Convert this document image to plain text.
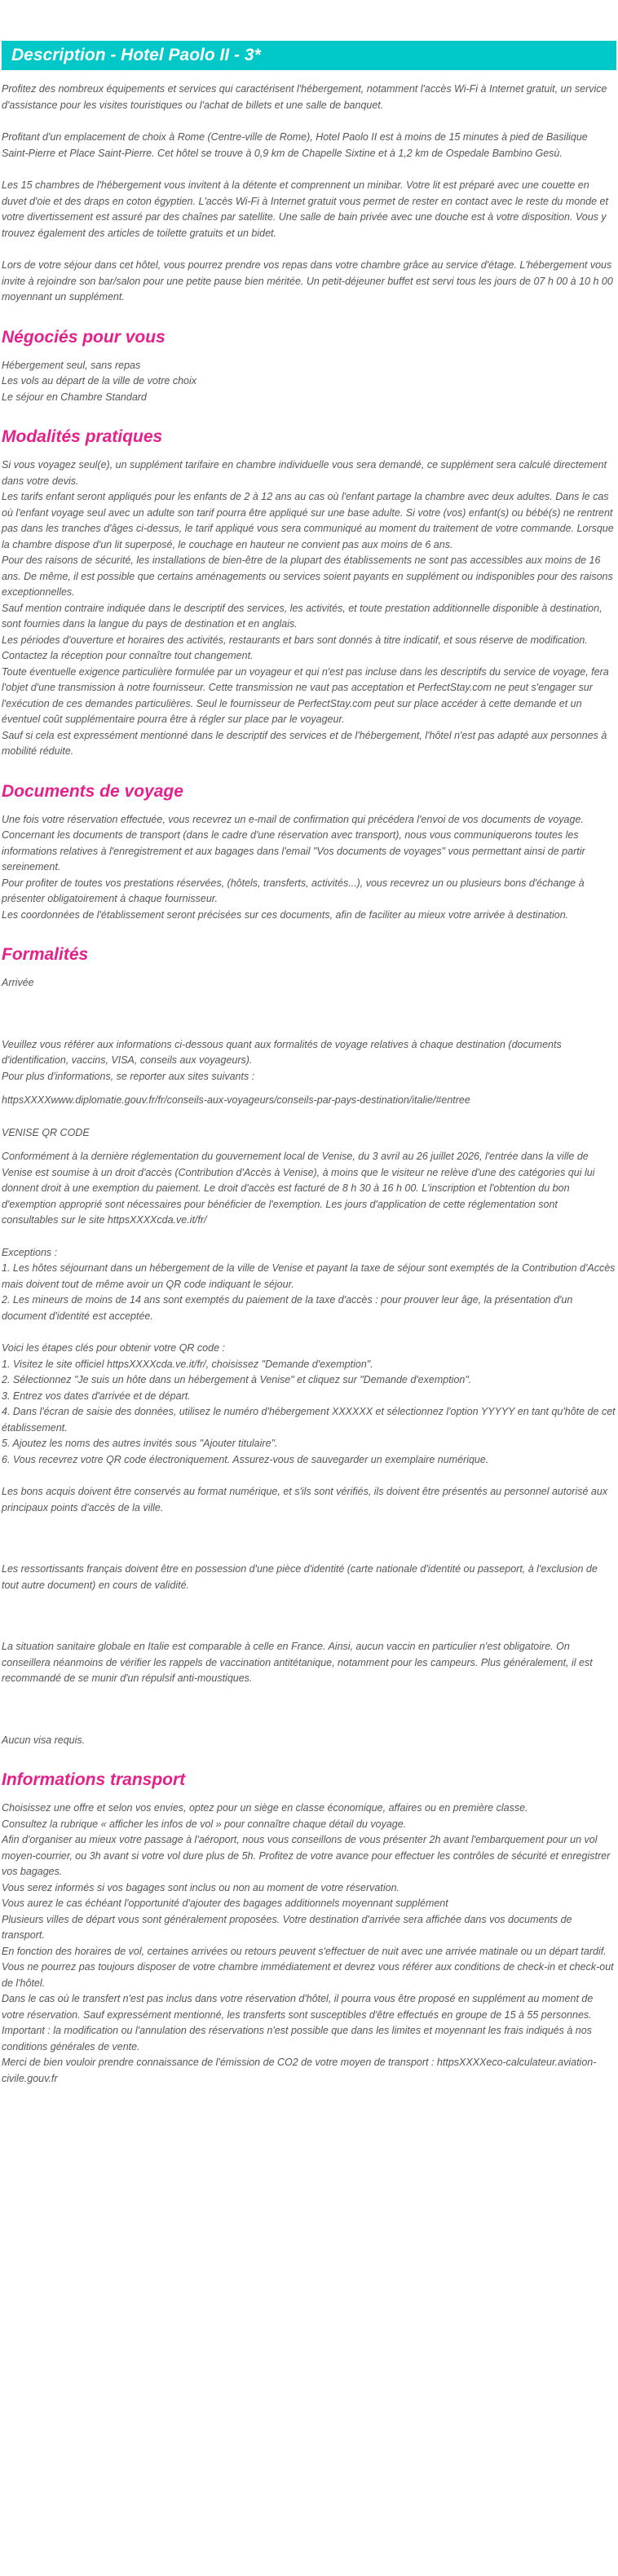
Description - Hotel Paolo II - 3*

Profitez des nombreux équipements et services qui caractérisent l'hébergement, notamment l'accès Wi-Fi à Internet gratuit, un service d'assistance pour les visites touristiques ou l'achat de billets et une salle de banquet.

Profitant d'un emplacement de choix à Rome (Centre-ville de Rome), Hotel Paolo II est à moins de 15 minutes à pied de Basilique Saint-Pierre et Place Saint-Pierre. Cet hôtel se trouve à 0,9 km de Chapelle Sixtine et à 1,2 km de Ospedale Bambino Gesù.

Les 15 chambres de l'hébergement vous invitent à la détente et comprennent un minibar. Votre lit est préparé avec une couette en duvet d'oie et des draps en coton égyptien. L'accès Wi-Fi à Internet gratuit vous permet de rester en contact avec le reste du monde et votre divertissement est assuré par des chaînes par satellite. Une salle de bain privée avec une douche est à votre disposition. Vous y trouvez également des articles de toilette gratuits et un bidet.

Lors de votre séjour dans cet hôtel, vous pourrez prendre vos repas dans votre chambre grâce au service d'étage. L'hébergement vous invite à rejoindre son bar/salon pour une petite pause bien méritée. Un petit-déjeuner buffet est servi tous les jours de 07 h 00 à 10 h 00 moyennant un supplément.

Négociés pour vous

Hébergement seul, sans repas
Les vols au départ de la ville de votre choix
Le séjour en Chambre Standard

Modalités pratiques

Si vous voyagez seul(e), un supplément tarifaire en chambre individuelle vous sera demandé, ce supplément sera calculé directement dans votre devis.
Les tarifs enfant seront appliqués pour les enfants de 2 à 12 ans au cas où l'enfant partage la chambre avec deux adultes. Dans le cas où l'enfant voyage seul avec un adulte son tarif pourra être appliqué sur une base adulte. Si votre (vos) enfant(s) ou bébé(s) ne rentrent pas dans les tranches d'âges ci-dessus, le tarif appliqué vous sera communiqué au moment du traitement de votre commande. Lorsque la chambre dispose d'un lit superposé, le couchage en hauteur ne convient pas aux moins de 6 ans.
Pour des raisons de sécurité, les installations de bien-être de la plupart des établissements ne sont pas accessibles aux moins de 16 ans. De même, il est possible que certains aménagements ou services soient payants en supplément ou indisponibles pour des raisons exceptionnelles.
Sauf mention contraire indiquée dans le descriptif des services, les activités, et toute prestation additionnelle disponible à destination, sont fournies dans la langue du pays de destination et en anglais.
Les périodes d'ouverture et horaires des activités, restaurants et bars sont donnés à titre indicatif, et sous réserve de modification. Contactez la réception pour connaître tout changement.
Toute éventuelle exigence particulière formulée par un voyageur et qui n'est pas incluse dans les descriptifs du service de voyage, fera l'objet d'une transmission à notre fournisseur. Cette transmission ne vaut pas acceptation et PerfectStay.com ne peut s'engager sur l'exécution de ces demandes particulières. Seul le fournisseur de PerfectStay.com peut sur place accéder à cette demande et un éventuel coût supplémentaire pourra être à régler sur place par le voyageur.
Sauf si cela est expressément mentionné dans le descriptif des services et de l'hébergement, l'hôtel n'est pas adapté aux personnes à mobilité réduite.

Documents de voyage

Une fois votre réservation effectuée, vous recevrez un e-mail de confirmation qui précédera l'envoi de vos documents de voyage.
Concernant les documents de transport (dans le cadre d'une réservation avec transport), nous vous communiquerons toutes les informations relatives à l'enregistrement et aux bagages dans l'email "Vos documents de voyages" vous permettant ainsi de partir sereinement.
Pour profiter de toutes vos prestations réservées, (hôtels, transferts, activités...), vous recevrez un ou plusieurs bons d'échange à présenter obligatoirement à chaque fournisseur.
Les coordonnées de l'établissement seront précisées sur ces documents, afin de faciliter au mieux votre arrivée à destination.

Formalités

Arrivée

Veuillez vous référer aux informations ci-dessous quant aux formalités de voyage relatives à chaque destination (documents d'identification, vaccins, VISA, conseils aux voyageurs).
Pour plus d'informations, se reporter aux sites suivants :

httpsXXXXwww.diplomatie.gouv.fr/fr/conseils-aux-voyageurs/conseils-par-pays-destination/italie/#entree

VENISE QR CODE

Conformément à la dernière réglementation du gouvernement local de Venise, du 3 avril au 26 juillet 2026, l'entrée dans la ville de Venise est soumise à un droit d'accès (Contribution d'Accès à Venise), à moins que le visiteur ne relève d'une des catégories qui lui donnent droit à une exemption du paiement. Le droit d'accès est facturé de 8 h 30 à 16 h 00. L'inscription et l'obtention du bon d'exemption approprié sont nécessaires pour bénéficier de l'exemption. Les jours d'application de cette réglementation sont consultables sur le site httpsXXXXcda.ve.it/fr/

Exceptions :
1. Les hôtes séjournant dans un hébergement de la ville de Venise et payant la taxe de séjour sont exemptés de la Contribution d'Accès mais doivent tout de même avoir un QR code indiquant le séjour.
2. Les mineurs de moins de 14 ans sont exemptés du paiement de la taxe d'accès : pour prouver leur âge, la présentation d'un document d'identité est acceptée.

Voici les étapes clés pour obtenir votre QR code :
1. Visitez le site officiel httpsXXXXcda.ve.it/fr/, choisissez "Demande d'exemption".
2. Sélectionnez "Je suis un hôte dans un hébergement à Venise" et cliquez sur "Demande d'exemption".
3. Entrez vos dates d'arrivée et de départ.
4. Dans l'écran de saisie des données, utilisez le numéro d'hébergement XXXXXX et sélectionnez l'option YYYYY en tant qu'hôte de cet établissement.
5. Ajoutez les noms des autres invités sous "Ajouter titulaire".
6. Vous recevrez votre QR code électroniquement. Assurez-vous de sauvegarder un exemplaire numérique.

Les bons acquis doivent être conservés au format numérique, et s'ils sont vérifiés, ils doivent être présentés au personnel autorisé aux principaux points d'accès de la ville.

Les ressortissants français doivent être en possession d'une pièce d'identité (carte nationale d'identité ou passeport, à l'exclusion de tout autre document) en cours de validité.

La situation sanitaire globale en Italie est comparable à celle en France. Ainsi, aucun vaccin en particulier n'est obligatoire. On conseillera néanmoins de vérifier les rappels de vaccination antitétanique, notamment pour les campeurs. Plus généralement, il est recommandé de se munir d'un répulsif anti-moustiques.

Aucun visa requis.

Informations transport

Choisissez une offre et selon vos envies, optez pour un siège en classe économique, affaires ou en première classe.
Consultez la rubrique « afficher les infos de vol » pour connaître chaque détail du voyage.
Afin d'organiser au mieux votre passage à l'aéroport, nous vous conseillons de vous présenter 2h avant l'embarquement pour un vol moyen-courrier, ou 3h avant si votre vol dure plus de 5h. Profitez de votre avance pour effectuer les contrôles de sécurité et enregistrer vos bagages.
Vous serez informés si vos bagages sont inclus ou non au moment de votre réservation.
Vous aurez le cas échéant l'opportunité d'ajouter des bagages additionnels moyennant supplément
Plusieurs villes de départ vous sont généralement proposées. Votre destination d'arrivée sera affichée dans vos documents de transport.
En fonction des horaires de vol, certaines arrivées ou retours peuvent s'effectuer de nuit avec une arrivée matinale ou un départ tardif. Vous ne pourrez pas toujours disposer de votre chambre immédiatement et devrez vous référer aux conditions de check-in et check-out de l'hôtel.
Dans le cas où le transfert n'est pas inclus dans votre réservation d'hôtel, il pourra vous être proposé en supplément au moment de votre réservation. Sauf expressément mentionné, les transferts sont susceptibles d'être effectués en groupe de 15 à 55 personnes.
Important : la modification ou l'annulation des réservations n'est possible que dans les limites et moyennant les frais indiqués à nos conditions générales de vente.
Merci de bien vouloir prendre connaissance de l'émission de CO2 de votre moyen de transport : httpsXXXXeco-calculateur.aviation-civile.gouv.fr
